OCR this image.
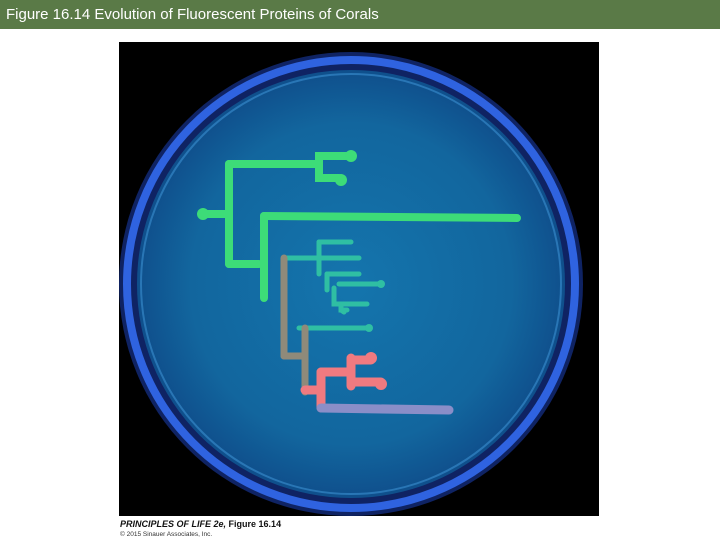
Figure 16.14 Evolution of Fluorescent Proteins of Corals
PRINCIPLES OF LIFE 2e, Figure 16.14
© 2015 Sinauer Associates, Inc.
